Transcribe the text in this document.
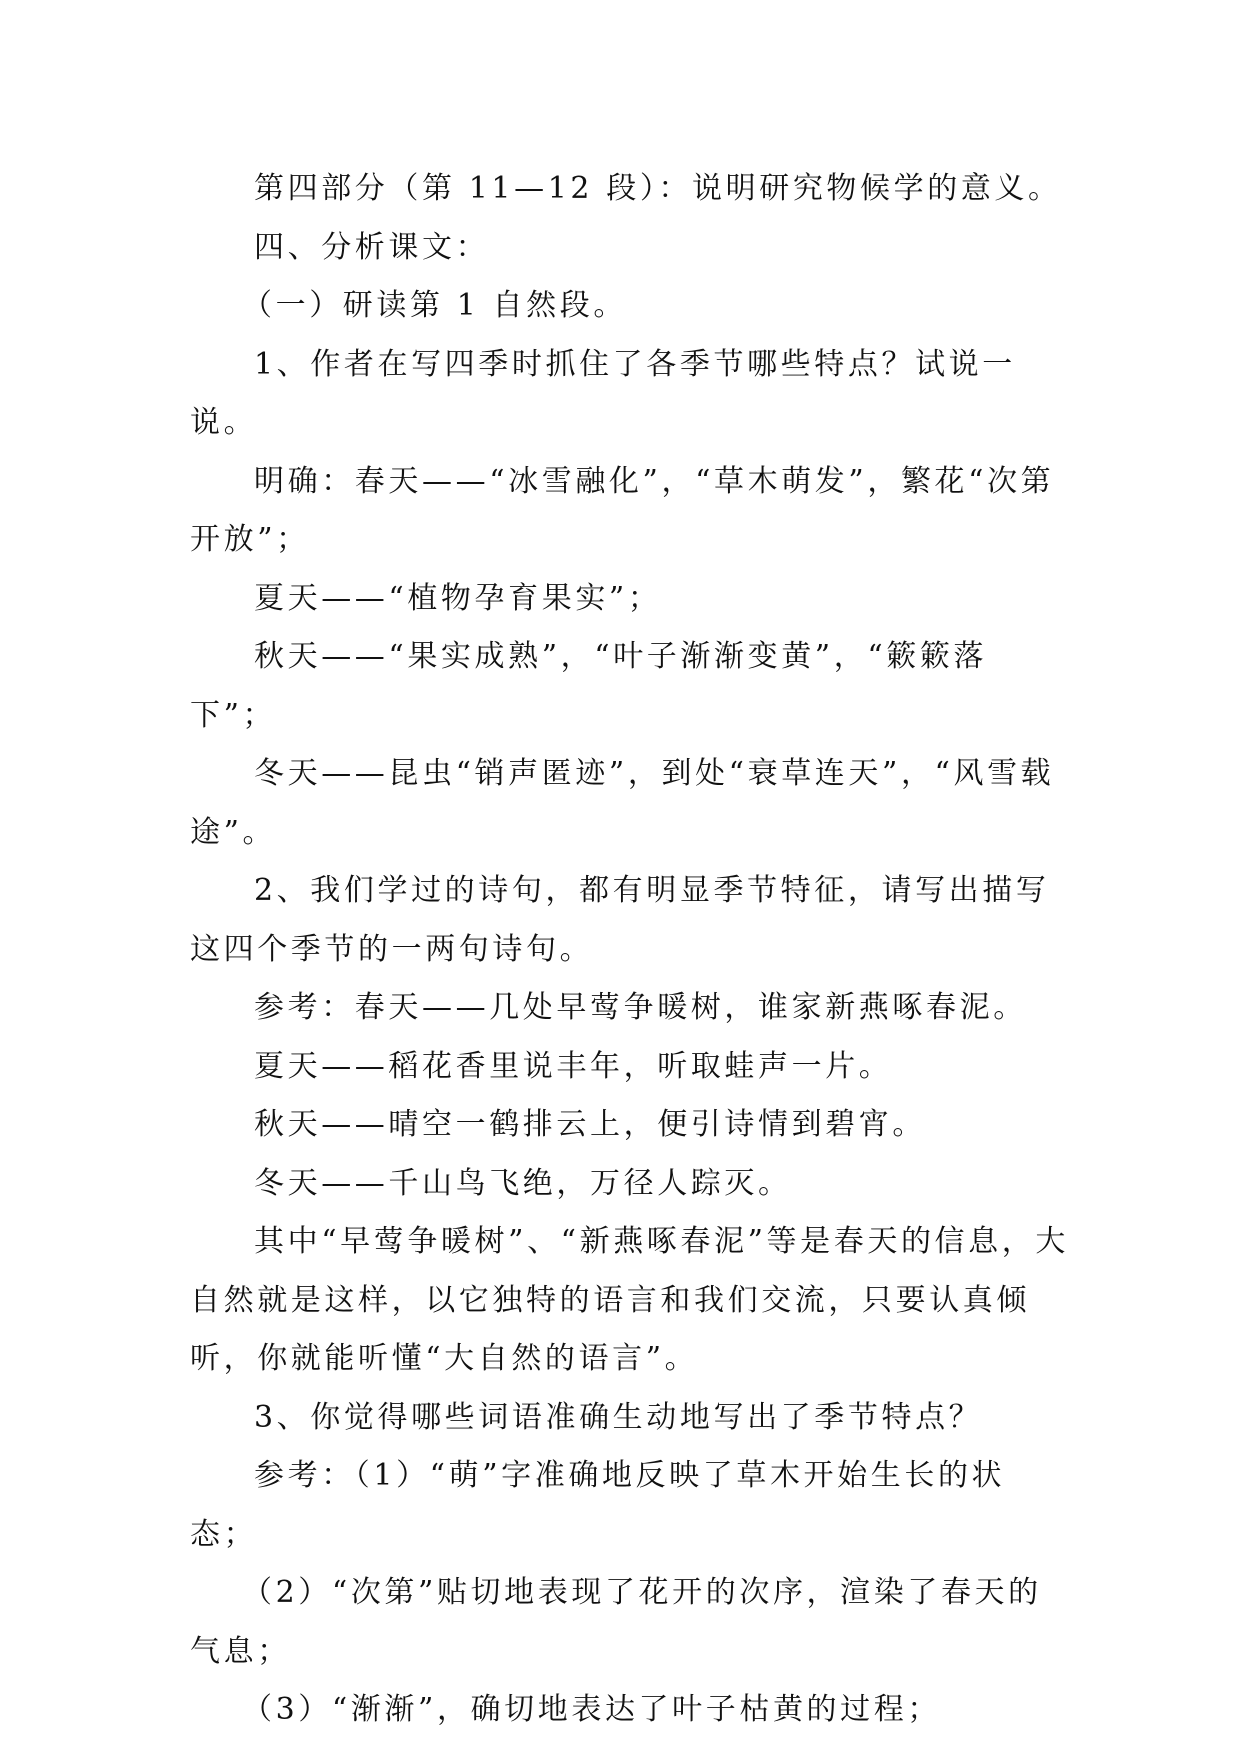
第四部分（第 11—12 段）：说明研究物候学的意义。

四、分析课文：

（一）研读第 1 自然段。

1、作者在写四季时抓住了各季节哪些特点？试说一说。

明确：春天——“冰雪融化”，“草木萌发”，繁花“次第开放”；

夏天——“植物孕育果实”；

秋天——“果实成熟”，“叶子渐渐变黄”，“簌簌落下”；

冬天——昆虫“销声匿迹”，到处“衰草连天”，“风雪载途”。

2、我们学过的诗句，都有明显季节特征，请写出描写这四个季节的一两句诗句。

参考：春天——几处早莺争暖树，谁家新燕啄春泥。

夏天——稻花香里说丰年，听取蛙声一片。

秋天——晴空一鹤排云上，便引诗情到碧宵。

冬天——千山鸟飞绝，万径人踪灭。

其中“早莺争暖树”、“新燕啄春泥”等是春天的信息，大自然就是这样，以它独特的语言和我们交流，只要认真倾听，你就能听懂“大自然的语言”。

3、你觉得哪些词语准确生动地写出了季节特点？

参考：（1）“萌”字准确地反映了草木开始生长的状态；

（2）“次第”贴切地表现了花开的次序，渲染了春天的气息；

（3）“渐渐”，确切地表达了叶子枯黄的过程；
